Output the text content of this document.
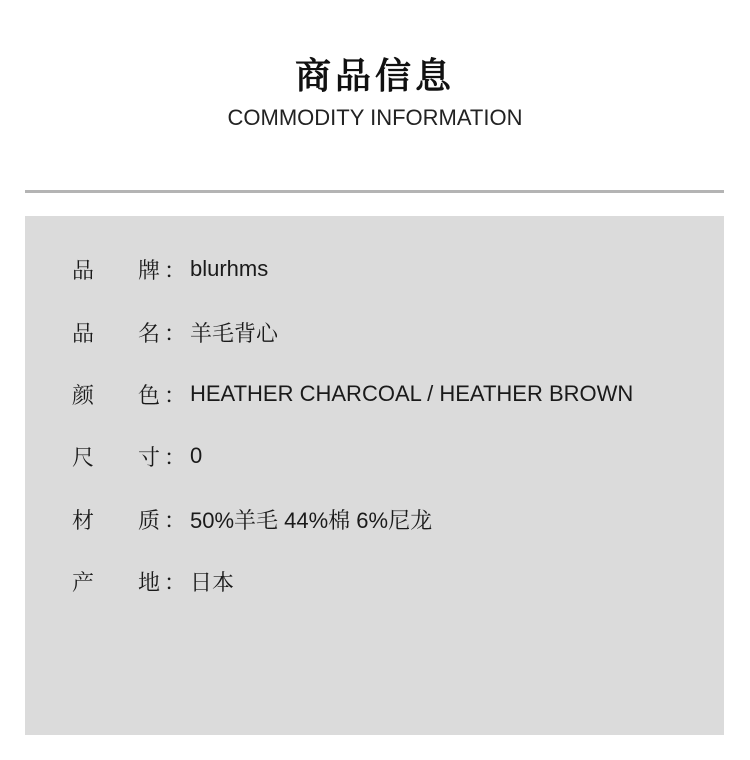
商品信息
COMMODITY INFORMATION
品	牌 ： blurhms
品	名 ： 羊毛背心
颜	色 ： HEATHER CHARCOAL / HEATHER BROWN
尺	寸 ： 0
材	质 ： 50%羊毛 44%棉 6%尼龙
产	地 ： 日本
